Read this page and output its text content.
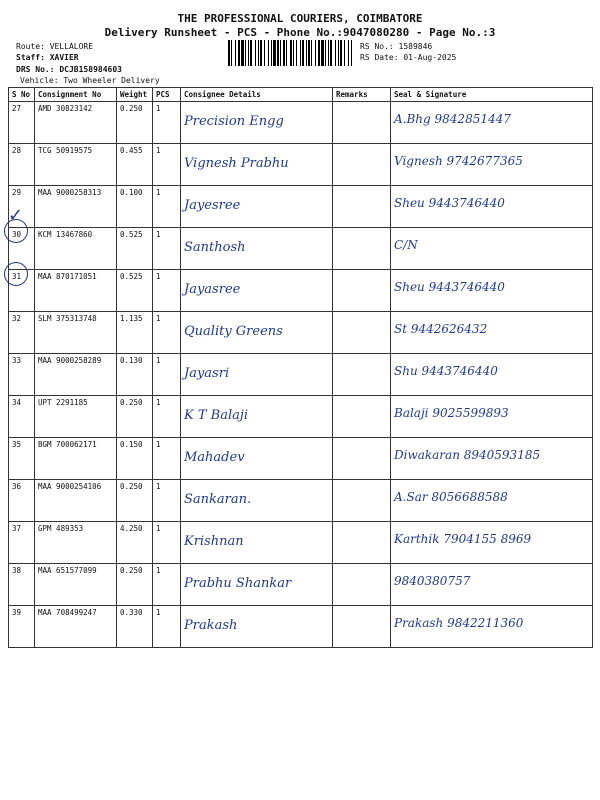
THE PROFESSIONAL COURIERS, COIMBATORE
Delivery Runsheet - PCS - Phone No.:9047080280 - Page No.:3
Route: VELLALORE
Staff: XAVIER
DRS No.: DCJB158984603
Vehicle: Two Wheeler Delivery
RS No.: 1589846
RS Date: 01-Aug-2025
S No	Consignment No	Weight	PCS	Consignee Details	Remarks	Seal & Signature
27	AMD 30823142	0.250	1	Precision Engg		A.Bhg 9842851447

28	TCG 50919575	0.455	1	Vignesh Prabhu		Vignesh 9742677365

29	MAA 9000258313	0.100	1	Jayesree		Sheu 9443746440

30	KCM 13467860	0.525	1	Santhosh		C/N

31	MAA 870171051	0.525	1	Jayasree		Sheu 9443746440

32	SLM 375313748	1.135	1	Quality Greens		St 9442626432

33	MAA 9000258289	0.130	1	Jayasri		Shu 9443746440

34	UPT 2291185	0.250	1	K T Balaji		Balaji 9025599893

35	BGM 700062171	0.150	1	Mahadev		Diwakaran 8940593185

36	MAA 9000254106	0.250	1	Sankaran.		A.Sar 8056688588

37	GPM 489353	4.250	1	Krishnan		Karthik 7904155 8969

38	MAA 651577099	0.250	1	Prabhu Shankar		9840380757

39	MAA 708499247	0.330	1	Prakash		Prakash 9842211360
✓
